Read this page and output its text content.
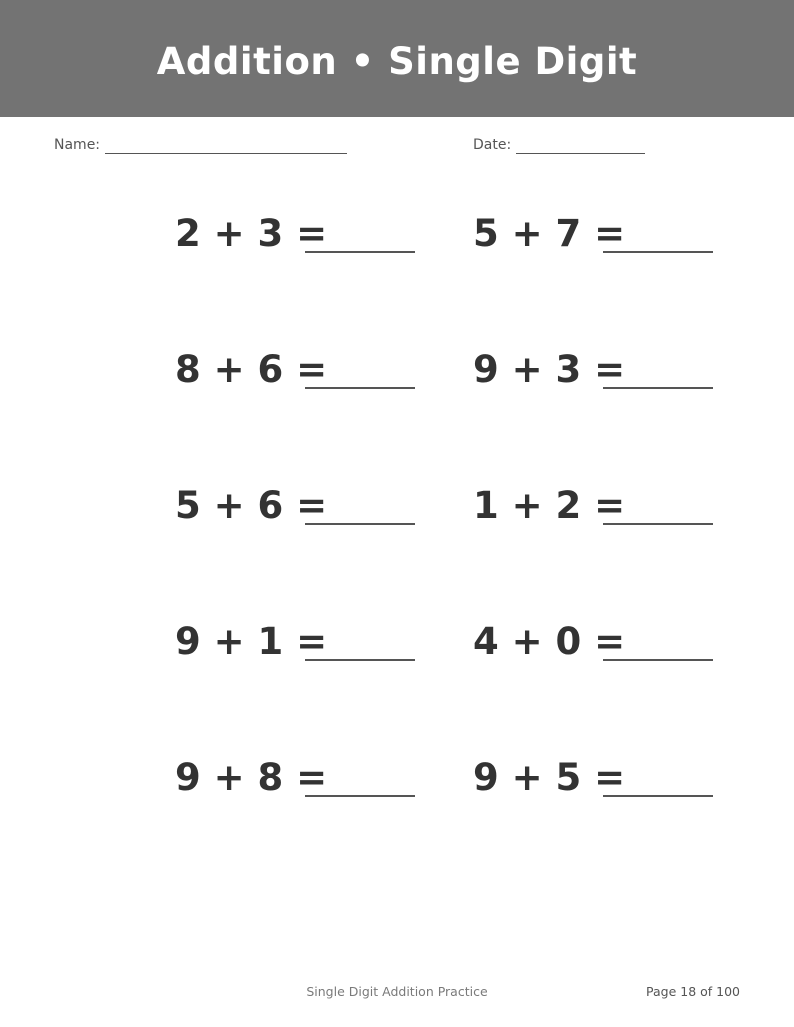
Addition • Single Digit
Name:	Date:
2 + 3 =	5 + 7 =
8 + 6 =	9 + 3 =
5 + 6 =	1 + 2 =
9 + 1 =	4 + 0 =
9 + 8 =	9 + 5 =
Single Digit Addition Practice	Page 18 of 100
